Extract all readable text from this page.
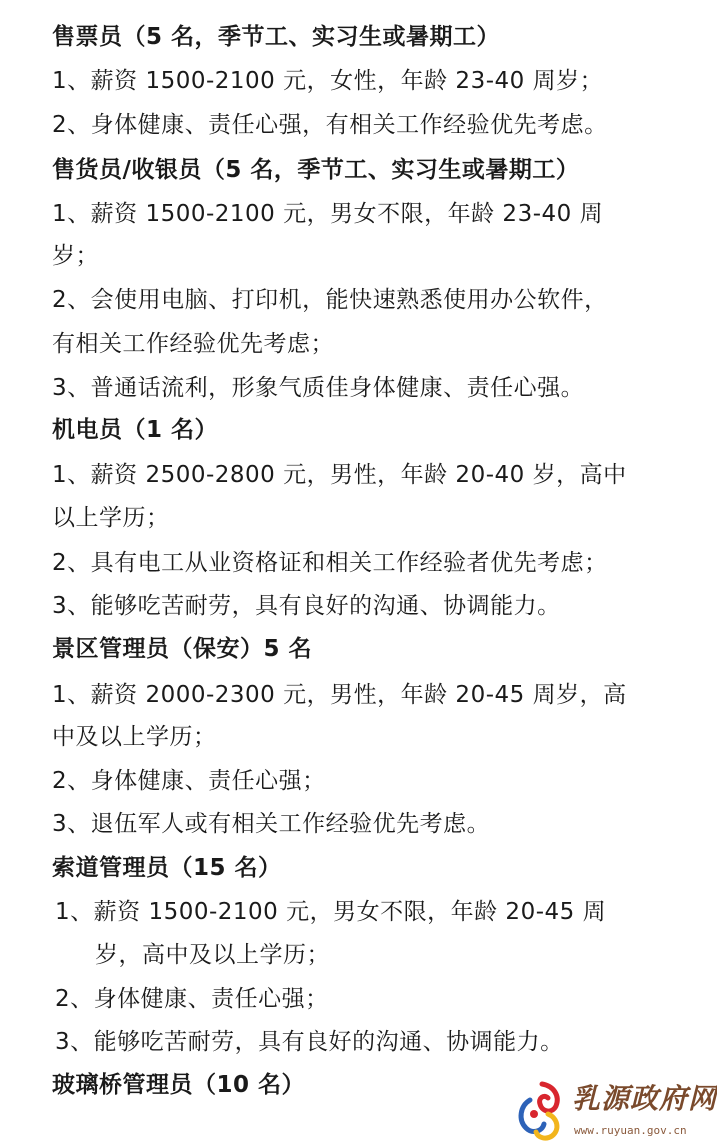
售票员（5 名，季节工、实习生或暑期工）
1、薪资 1500-2100 元，女性，年龄 23-40 周岁；
2、身体健康、责任心强，有相关工作经验优先考虑。
售货员/收银员（5 名，季节工、实习生或暑期工）
1、薪资 1500-2100 元，男女不限，年龄 23-40 周
岁；
2、会使用电脑、打印机，能快速熟悉使用办公软件，
有相关工作经验优先考虑；
3、普通话流利，形象气质佳身体健康、责任心强。
机电员（1 名）
1、薪资 2500-2800 元，男性，年龄 20-40 岁，高中
以上学历；
2、具有电工从业资格证和相关工作经验者优先考虑；
3、能够吃苦耐劳，具有良好的沟通、协调能力。
景区管理员（保安）5 名
1、薪资 2000-2300 元，男性，年龄 20-45 周岁，高
中及以上学历；
2、身体健康、责任心强；
3、退伍军人或有相关工作经验优先考虑。
索道管理员（15 名）
1、薪资 1500-2100 元，男女不限，年龄 20-45 周
岁，高中及以上学历；
2、身体健康、责任心强；
3、能够吃苦耐劳，具有良好的沟通、协调能力。
玻璃桥管理员（10 名）	乳源政府网
www.ruyuan.gov.cn
